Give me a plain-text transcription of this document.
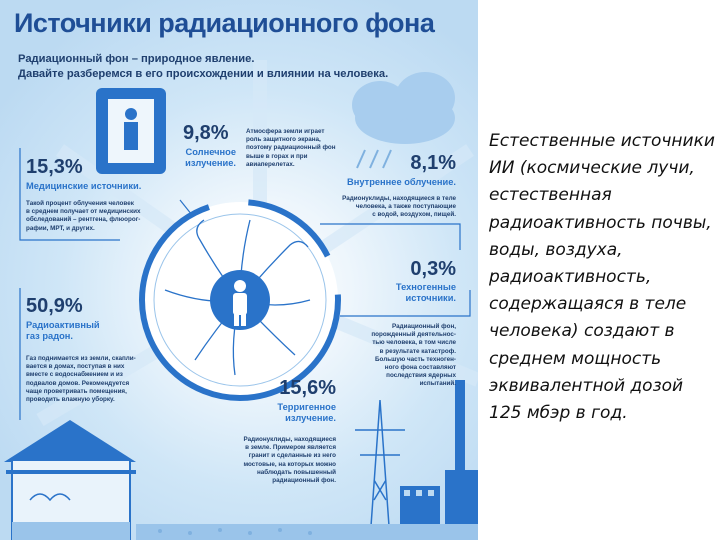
Источники радиационного фона
Радиационный фон – природное явление.
Давайте разберемся в его происхождении и влиянии на человека.
9,8%
Солнечное
излучение.
Атмосфера земли играет
роль защитного экрана,
поэтому радиационный фон
выше в горах и при
авиаперелетах.
15,3%
Медицинские источники.
Такой процент облучения человек
в среднем получает от медицинских
обследований – рентгена, флюорог-
рафии, МРТ, и других.
8,1%
Внутреннее облучение.
Радионуклиды, находящиеся в теле
человека, а также поступающие
с водой, воздухом, пищей.
0,3%
Техногенные
источники.
Радиационный фон,
порожденный деятельнос-
тью человека, в том числе
в результате катастроф.
Большую часть техноген-
ного фона составляют
последствия ядерных
испытаний.
50,9%
Радиоактивный
газ радон.
Газ поднимается из земли, скапли-
вается в домах, поступая в них
вместе с водоснабжением и из
подвалов домов. Рекомендуется
чаще проветривать помещения,
проводить влажную уборку.
15,6%
Терригенное
излучение.
Радионуклиды, находящиеся
в земле. Примером является
гранит и сделанные из него
мостовые, на которых можно
наблюдать повышенный
радиационный фон.
Естественные источники ИИ (космические лучи, естественная радиоактивность почвы, воды, воздуха, радиоактивность, содержащаяся в теле человека) создают в среднем мощность эквивалентной дозой 125 мбэр в год.
